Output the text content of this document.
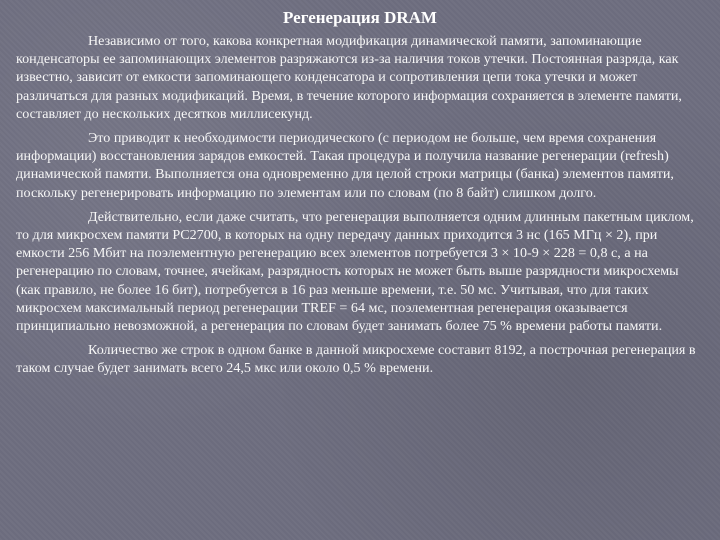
Регенерация DRAM
Независимо от того, какова конкретная модификация динамической памяти, запоминающие конденсаторы ее запоминающих элементов разряжаются из-за наличия токов утечки. Постоянная разряда, как известно, зависит от емкости запоминающего конденсатора и сопротивления цепи тока утечки и может различаться для разных модификаций. Время, в течение которого информация сохраняется в элементе памяти, составляет до нескольких десятков миллисекунд.
Это приводит к необходимости периодического (с периодом не больше, чем время сохранения информации) восстановления зарядов емкостей. Такая процедура и получила название регенерации (refresh) динамической памяти. Выполняется она одновременно для целой строки матрицы (банка) элементов памяти, поскольку регенерировать информацию по элементам или по словам (по 8 байт) слишком долго.
Действительно, если даже считать, что регенерация выполняется одним длинным пакетным циклом, то для микросхем памяти PC2700, в которых на одну передачу данных приходится 3 нс (165 МГц × 2), при емкости 256 Мбит на поэлементную регенерацию всех элементов потребуется 3 × 10-9 × 228 = 0,8 с, а на регенерацию по словам, точнее, ячейкам, разрядность которых не может быть выше разрядности микросхемы (как правило, не более 16 бит), потребуется в 16 раз меньше времени, т.е. 50 мс. Учитывая, что для таких микросхем максимальный период регенерации TREF = 64 мс, поэлементная регенерация оказывается принципиально невозможной, а регенерация по словам будет занимать более 75 % времени работы памяти.
Количество же строк в одном банке в данной микросхеме составит 8192, а построчная регенерация в таком случае будет занимать всего 24,5 мкс или около 0,5 % времени.
